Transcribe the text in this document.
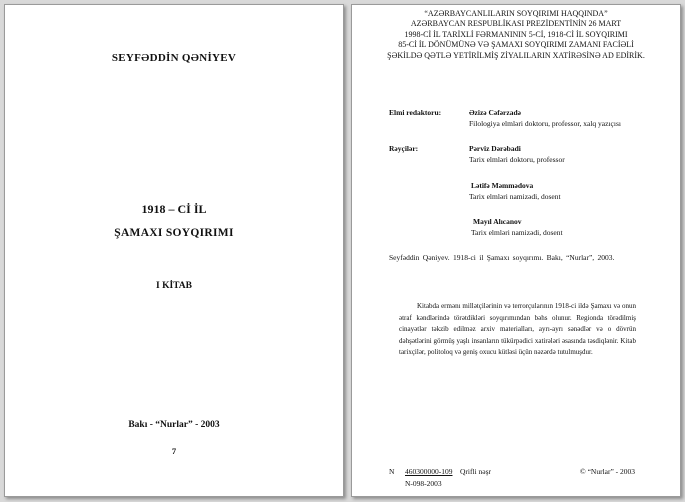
SEYFƏDDİN QƏNİYEV
1918 – Cİ İL
ŞAMAXI SOYQIRIMI
I KİTAB
Bakı - “Nurlar” - 2003
7
“AZƏRBAYCANLILARIN SOYQIRIMI HAQQINDA”
AZƏRBAYCAN RESPUBLİKASI PREZİDENTİNİN 26 MART
1998-Cİ İL TARİXLİ FƏRMANININ 5-Cİ, 1918-Cİ İL SOYQIRIMI
85-Cİ İL DÖNÜMÜNƏ VƏ ŞAMAXI SOYQIRIMI ZAMANI FACİƏLİ
ŞƏKİLDƏ QƏTLƏ YETİRİLMİŞ ZİYALILARIN XATİRƏSİNƏ AD EDİRİK.
Elmi redaktoru:	Əzizə Cəfərzadə
Filologiya elmləri doktoru, professor, xalq yazıçısı
Rəyçilər:	Pərviz Dərəbadi
Tarix elmləri doktoru, professor
Lətifə Məmmədova
Tarix elmləri namizədi, dosent
Mayıl Alıcanov
Tarix elmləri namizədi, dosent
Seyfəddin Qəniyev. 1918-ci il Şamaxı soyqırımı. Bakı, “Nurlar”, 2003.

Kitabda ermənı millətçilərinin və terrorçularının 1918-ci ildə Şamaxı və onun ətraf kəndlərində törətdikləri soyqırımından bəhs olunur. Regionda törədilmiş cinayətlər təkzib edilməz arxiv materialları, ayrı-ayrı sənədlər və o dövrün dəhşətlərini görmüş yaşlı insanların tükürpədici xatirələri əsasında təsdiqlənir. Kitab tarixçilər, politoloq və geniş oxucu kütləsi üçün nəzərdə tutulmuşdur.

N 460300000-109 Qrifli nəşr	© “Nurlar” - 2003
N-098-2003
